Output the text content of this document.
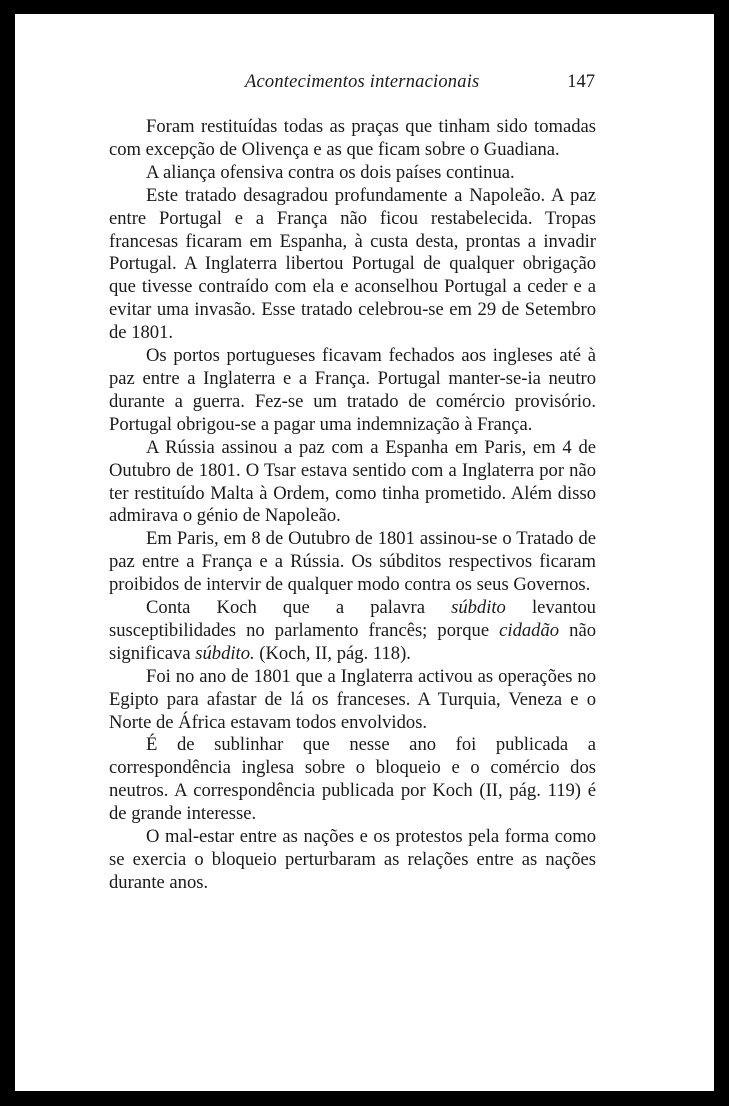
Acontecimentos internacionais	147

Foram restituídas todas as praças que tinham sido tomadas com excepção de Olivença e as que ficam sobre o Guadiana.

A aliança ofensiva contra os dois países continua.

Este tratado desagradou profundamente a Napoleão. A paz entre Portugal e a França não ficou restabelecida. Tropas francesas ficaram em Espanha, à custa desta, prontas a invadir Portugal. A Inglaterra libertou Portugal de qualquer obrigação que tivesse contraído com ela e aconselhou Portugal a ceder e a evitar uma invasão. Esse tratado celebrou-se em 29 de Setembro de 1801.

Os portos portugueses ficavam fechados aos ingleses até à paz entre a Inglaterra e a França. Portugal manter-se-ia neutro durante a guerra. Fez-se um tratado de comércio provisório. Portugal obrigou-se a pagar uma indemnização à França.

A Rússia assinou a paz com a Espanha em Paris, em 4 de Outubro de 1801. O Tsar estava sentido com a Inglaterra por não ter restituído Malta à Ordem, como tinha prometido. Além disso admirava o génio de Napoleão.

Em Paris, em 8 de Outubro de 1801 assinou-se o Tratado de paz entre a França e a Rússia. Os súbditos respectivos ficaram proibidos de intervir de qualquer modo contra os seus Governos.

Conta Koch que a palavra súbdito levantou susceptibilidades no parlamento francês; porque cidadão não significava súbdito. (Koch, II, pág. 118).

Foi no ano de 1801 que a Inglaterra activou as operações no Egipto para afastar de lá os franceses. A Turquia, Veneza e o Norte de África estavam todos envolvidos.

É de sublinhar que nesse ano foi publicada a correspondência inglesa sobre o bloqueio e o comércio dos neutros. A correspondência publicada por Koch (II, pág. 119) é de grande interesse.

O mal-estar entre as nações e os protestos pela forma como se exercia o bloqueio perturbaram as relações entre as nações durante anos.
